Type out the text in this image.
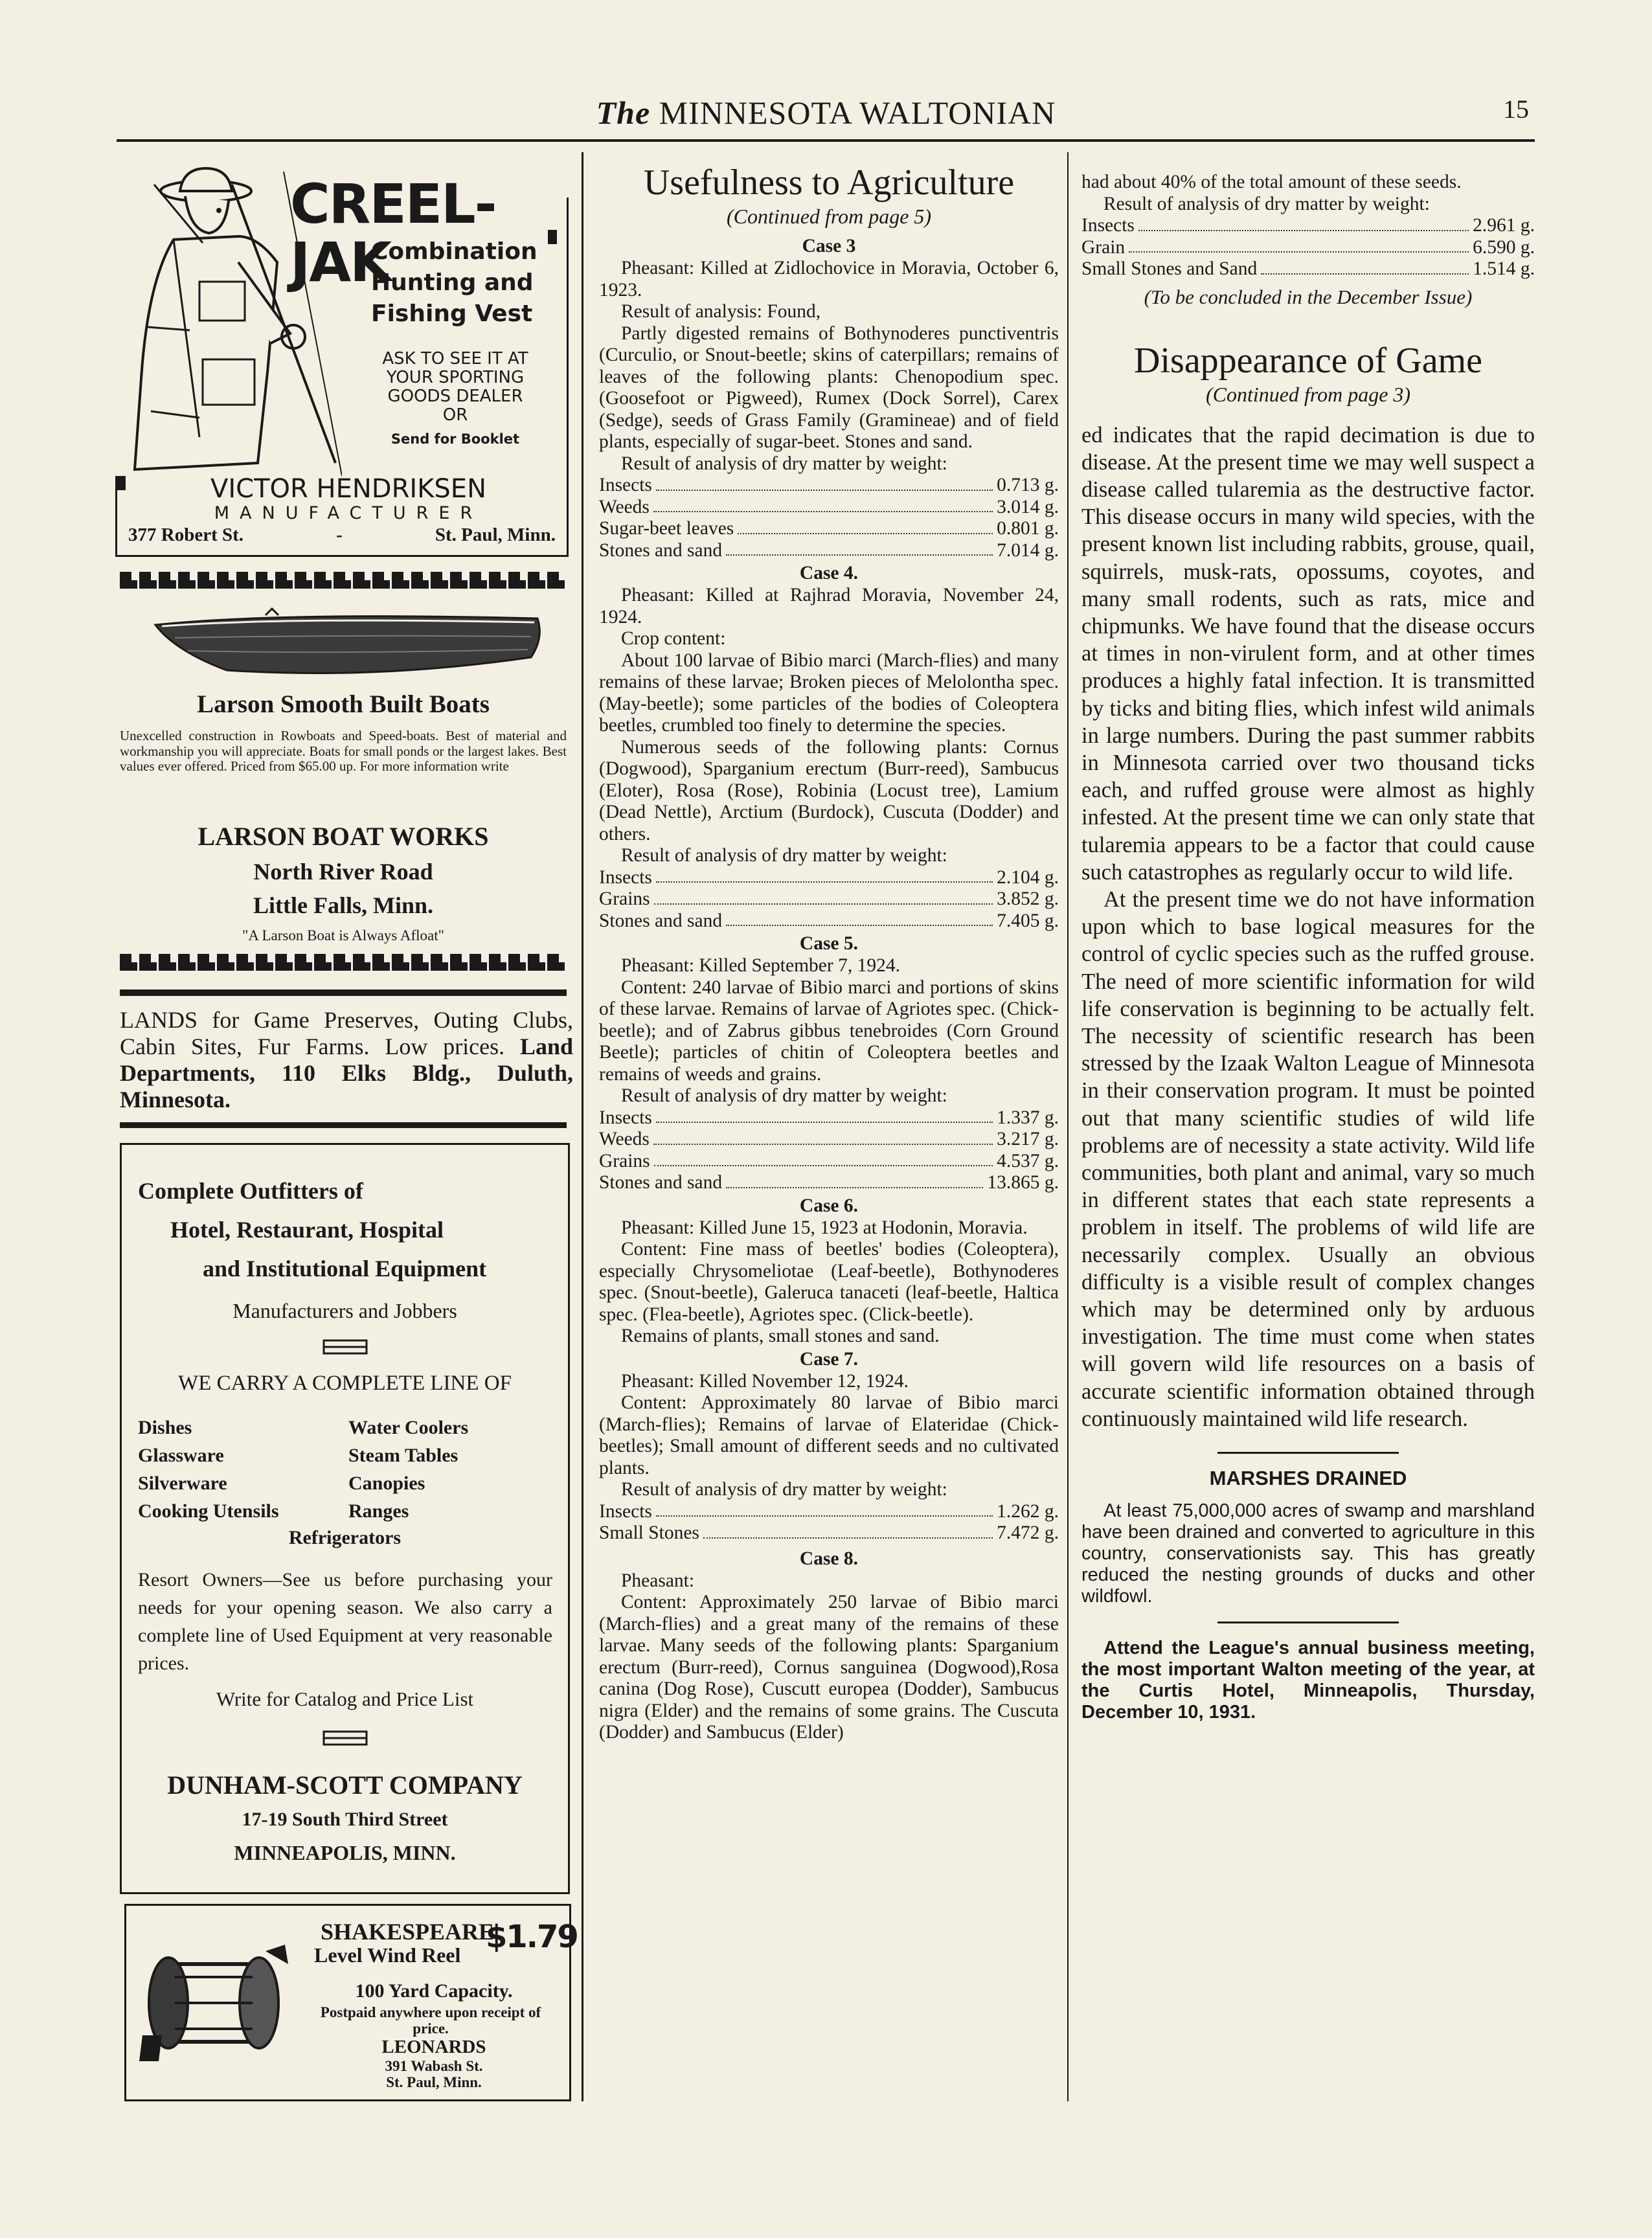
The MINNESOTA WALTONIAN	15
CREEL-JAK
Combination
Hunting and
Fishing Vest
ASK TO SEE IT AT
YOUR SPORTING
GOODS DEALER
OR
Send for Booklet
VICTOR HENDRIKSEN
MANUFACTURER
377 Robert St.	-	St. Paul, Minn.
Larson Smooth Built Boats
Unexcelled construction in Rowboats and Speed-boats. Best of material and workmanship you will appreciate. Boats for small ponds or the largest lakes. Best values ever offered. Priced from $65.00 up. For more information write
LARSON BOAT WORKS
North River Road
Little Falls, Minn.
"A Larson Boat is Always Afloat"
LANDS for Game Preserves, Outing Clubs, Cabin Sites, Fur Farms. Low prices. Land Departments, 110 Elks Bldg., Duluth, Minnesota.
Complete Outfitters of
Hotel, Restaurant, Hospital
and Institutional Equipment
Manufacturers and Jobbers
WE CARRY A COMPLETE LINE OF
Dishes
Glassware
Silverware
Cooking Utensils
Water Coolers
Steam Tables
Canopies
Ranges
Refrigerators
Resort Owners—See us before purchasing your needs for your opening season. We also carry a complete line of Used Equipment at very reasonable prices.
Write for Catalog and Price List
DUNHAM-SCOTT COMPANY
17-19 South Third Street
MINNEAPOLIS, MINN.
SHAKESPEARE
Level Wind Reel $1.79
100 Yard Capacity.
Postpaid anywhere upon receipt of price.
LEONARDS
391 Wabash St.
St. Paul, Minn.
Usefulness to Agriculture
(Continued from page 5)
Case 3

Pheasant: Killed at Zidlochovice in Moravia, October 6, 1923.

Result of analysis: Found,

Partly digested remains of Bothynoderes punctiventris (Curculio, or Snout-beetle; skins of caterpillars; remains of leaves of the following plants: Chenopodium spec. (Goosefoot or Pigweed), Rumex (Dock Sorrel), Carex (Sedge), seeds of Grass Family (Gramineae) and of field plants, especially of sugar-beet. Stones and sand.

Result of analysis of dry matter by weight:

Insects	0.713 g.
Weeds	3.014 g.
Sugar-beet leaves	0.801 g.
Stones and sand	7.014 g.
Case 4.

Pheasant: Killed at Rajhrad Moravia, November 24, 1924.

Crop content:

About 100 larvae of Bibio marci (March-flies) and many remains of these larvae; Broken pieces of Melolontha spec. (May-beetle); some particles of the bodies of Coleoptera beetles, crumbled too finely to determine the species.

Numerous seeds of the following plants: Cornus (Dogwood), Sparganium erectum (Burr-reed), Sambucus (Eloter), Rosa (Rose), Robinia (Locust tree), Lamium (Dead Nettle), Arctium (Burdock), Cuscuta (Dodder) and others.

Result of analysis of dry matter by weight:

Insects	2.104 g.
Grains	3.852 g.
Stones and sand	7.405 g.
Case 5.

Pheasant: Killed September 7, 1924.

Content: 240 larvae of Bibio marci and portions of skins of these larvae. Remains of larvae of Agriotes spec. (Chick-beetle); and of Zabrus gibbus tenebroides (Corn Ground Beetle); particles of chitin of Coleoptera beetles and remains of weeds and grains.

Result of analysis of dry matter by weight:

Insects	1.337 g.
Weeds	3.217 g.
Grains	4.537 g.
Stones and sand	13.865 g.
Case 6.

Pheasant: Killed June 15, 1923 at Hodonin, Moravia.

Content: Fine mass of beetles' bodies (Coleoptera), especially Chrysomeliotae (Leaf-beetle), Bothynoderes spec. (Snout-beetle), Galeruca tanaceti (leaf-beetle, Haltica spec. (Flea-beetle), Agriotes spec. (Click-beetle).

Remains of plants, small stones and sand.

Case 7.

Pheasant: Killed November 12, 1924.

Content: Approximately 80 larvae of Bibio marci (March-flies); Remains of larvae of Elateridae (Chick-beetles); Small amount of different seeds and no cultivated plants.

Result of analysis of dry matter by weight:

Insects	1.262 g.
Small Stones	7.472 g.
Case 8.

Pheasant:

Content: Approximately 250 larvae of Bibio marci (March-flies) and a great many of the remains of these larvae. Many seeds of the following plants: Sparganium erectum (Burr-reed), Cornus sanguinea (Dogwood),Rosa canina (Dog Rose), Cuscutt europea (Dodder), Sambucus nigra (Elder) and the remains of some grains. The Cuscuta (Dodder) and Sambucus (Elder)

had about 40% of the total amount of these seeds.

Result of analysis of dry matter by weight:

Insects	2.961 g.
Grain	6.590 g.
Small Stones and Sand	1.514 g.
(To be concluded in the December Issue)
Disappearance of Game
(Continued from page 3)

ed indicates that the rapid decimation is due to disease. At the present time we may well suspect a disease called tularemia as the destructive factor. This disease occurs in many wild species, with the present known list including rabbits, grouse, quail, squirrels, musk-rats, opossums, coyotes, and many small rodents, such as rats, mice and chipmunks. We have found that the disease occurs at times in non-virulent form, and at other times produces a highly fatal infection. It is transmitted by ticks and biting flies, which infest wild animals in large numbers. During the past summer rabbits in Minnesota carried over two thousand ticks each, and ruffed grouse were almost as highly infested. At the present time we can only state that tularemia appears to be a factor that could cause such catastrophes as regularly occur to wild life.

At the present time we do not have information upon which to base logical measures for the control of cyclic species such as the ruffed grouse. The need of more scientific information for wild life conservation is beginning to be actually felt. The necessity of scientific research has been stressed by the Izaak Walton League of Minnesota in their conservation program. It must be pointed out that many scientific studies of wild life problems are of necessity a state activity. Wild life communities, both plant and animal, vary so much in different states that each state represents a problem in itself. The problems of wild life are necessarily complex. Usually an obvious difficulty is a visible result of complex changes which may be determined only by arduous investigation. The time must come when states will govern wild life resources on a basis of accurate scientific information obtained through continuously maintained wild life research.

MARSHES DRAINED

At least 75,000,000 acres of swamp and marshland have been drained and converted to agriculture in this country, conservationists say. This has greatly reduced the nesting grounds of ducks and other wildfowl.

Attend the League's annual business meeting, the most important Walton meeting of the year, at the Curtis Hotel, Minneapolis, Thursday, December 10, 1931.
